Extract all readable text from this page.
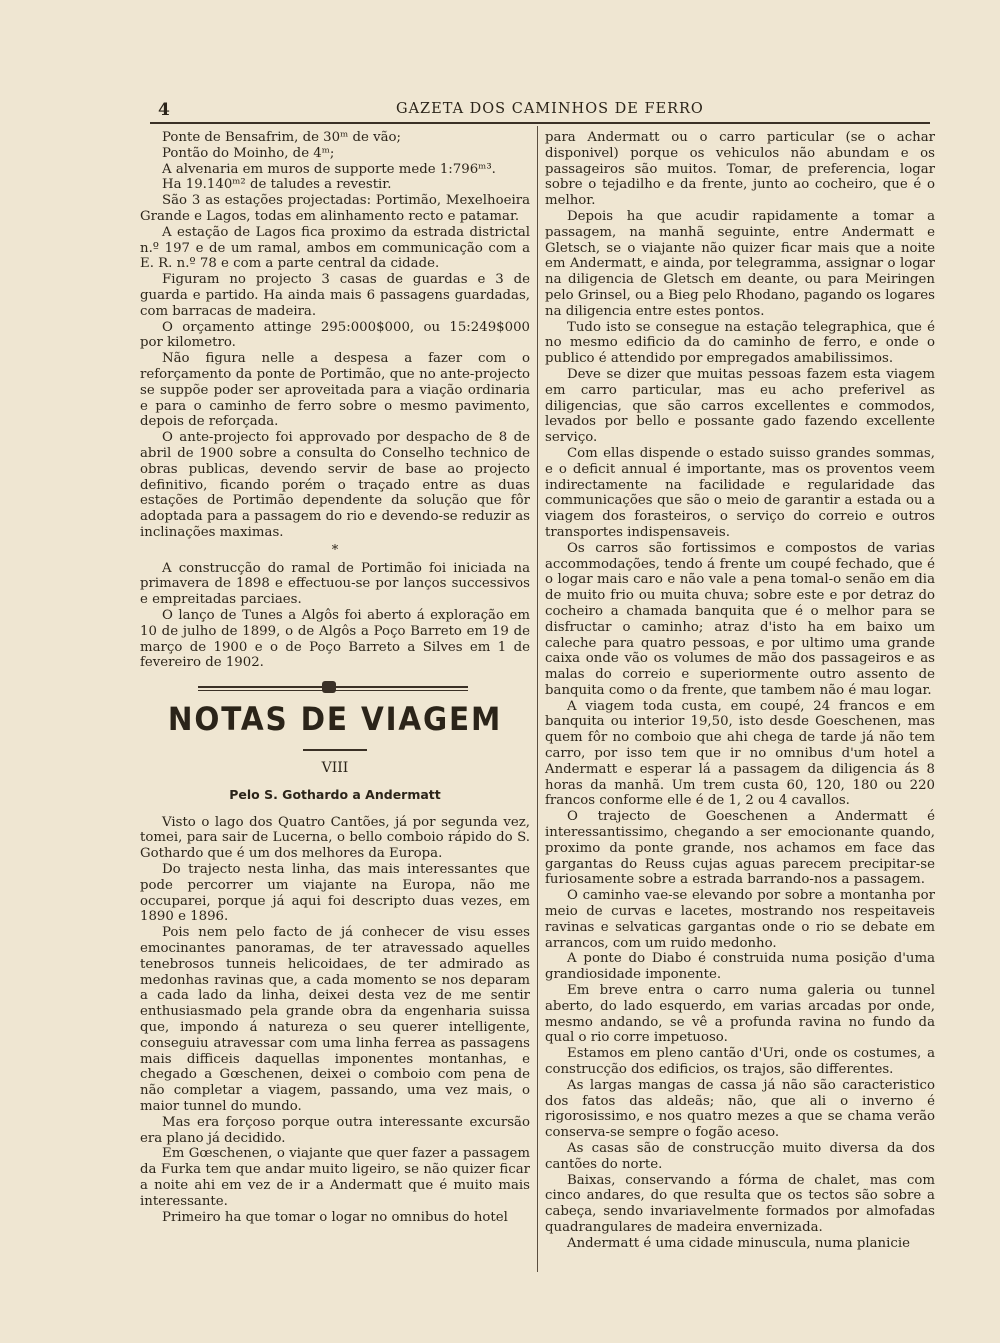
4	GAZETA DOS CAMINHOS DE FERRO

Ponte de Bensafrim, de 30ᵐ de vão;

Pontão do Moinho, de 4ᵐ;

A alvenaria em muros de supporte mede 1:796ᵐ³.

Ha 19.140ᵐ² de taludes a revestir.

São 3 as estações projectadas: Portimão, Mexelhoeira Grande e Lagos, todas em alinhamento recto e patamar.

A estação de Lagos fica proximo da estrada districtal n.º 197 e de um ramal, ambos em communicação com a E. R. n.º 78 e com a parte central da cidade.

Figuram no projecto 3 casas de guardas e 3 de guarda e partido. Ha ainda mais 6 passagens guardadas, com barracas de madeira.

O orçamento attinge 295:000$000, ou 15:249$000 por kilometro.

Não figura nelle a despesa a fazer com o reforçamento da ponte de Portimão, que no ante-projecto se suppõe poder ser aproveitada para a viação ordinaria e para o caminho de ferro sobre o mesmo pavimento, depois de reforçada.

O ante-projecto foi approvado por despacho de 8 de abril de 1900 sobre a consulta do Conselho technico de obras publicas, devendo servir de base ao projecto definitivo, ficando porém o traçado entre as duas estações de Portimão dependente da solução que fôr adoptada para a passagem do rio e devendo-se reduzir as inclinações maximas.

*

A construcção do ramal de Portimão foi iniciada na primavera de 1898 e effectuou-se por lanços successivos e empreitadas parciaes.

O lanço de Tunes a Algôs foi aberto á exploração em 10 de julho de 1899, o de Algôs a Poço Barreto em 19 de março de 1900 e o de Poço Barreto a Silves em 1 de fevereiro de 1902.

NOTAS DE VIAGEM
VIII
Pelo S. Gothardo a Andermatt

Visto o lago dos Quatro Cantões, já por segunda vez, tomei, para sair de Lucerna, o bello comboio rápido do S. Gothardo que é um dos melhores da Europa.

Do trajecto nesta linha, das mais interessantes que pode percorrer um viajante na Europa, não me occuparei, porque já aqui foi descripto duas vezes, em 1890 e 1896.

Pois nem pelo facto de já conhecer de visu esses emocinantes panoramas, de ter atravessado aquelles tenebrosos tunneis helicoidaes, de ter admirado as medonhas ravinas que, a cada momento se nos deparam a cada lado da linha, deixei desta vez de me sentir enthusiasmado pela grande obra da engenharia suissa que, impondo á natureza o seu querer intelligente, conseguiu atravessar com uma linha ferrea as passagens mais difficeis daquellas imponentes montanhas, e chegado a Gœschenen, deixei o comboio com pena de não completar a viagem, passando, uma vez mais, o maior tunnel do mundo.

Mas era forçoso porque outra interessante excursão era plano já decidido.

Em Gœschenen, o viajante que quer fazer a passagem da Furka tem que andar muito ligeiro, se não quizer ficar a noite ahi em vez de ir a Andermatt que é muito mais interessante.

Primeiro ha que tomar o logar no omnibus do hotel

para Andermatt ou o carro particular (se o achar disponivel) porque os vehiculos não abundam e os passageiros são muitos. Tomar, de preferencia, logar sobre o tejadilho e da frente, junto ao cocheiro, que é o melhor.

Depois ha que acudir rapidamente a tomar a passagem, na manhã seguinte, entre Andermatt e Gletsch, se o viajante não quizer ficar mais que a noite em Andermatt, e ainda, por telegramma, assignar o logar na diligencia de Gletsch em deante, ou para Meiringen pelo Grinsel, ou a Bieg pelo Rhodano, pagando os logares na diligencia entre estes pontos.

Tudo isto se consegue na estação telegraphica, que é no mesmo edificio da do caminho de ferro, e onde o publico é attendido por empregados amabilissimos.

Deve se dizer que muitas pessoas fazem esta viagem em carro particular, mas eu acho preferivel as diligencias, que são carros excellentes e commodos, levados por bello e possante gado fazendo excellente serviço.

Com ellas dispende o estado suisso grandes sommas, e o deficit annual é importante, mas os proventos veem indirectamente na facilidade e regularidade das communicações que são o meio de garantir a estada ou a viagem dos forasteiros, o serviço do correio e outros transportes indispensaveis.

Os carros são fortissimos e compostos de varias accommodações, tendo á frente um coupé fechado, que é o logar mais caro e não vale a pena tomal-o senão em dia de muito frio ou muita chuva; sobre este e por detraz do cocheiro a chamada banquita que é o melhor para se disfructar o caminho; atraz d'isto ha em baixo um caleche para quatro pessoas, e por ultimo uma grande caixa onde vão os volumes de mão dos passageiros e as malas do correio e superiormente outro assento de banquita como o da frente, que tambem não é mau logar.

A viagem toda custa, em coupé, 24 francos e em banquita ou interior 19,50, isto desde Goeschenen, mas quem fôr no comboio que ahi chega de tarde já não tem carro, por isso tem que ir no omnibus d'um hotel a Andermatt e esperar lá a passagem da diligencia ás 8 horas da manhã. Um trem custa 60, 120, 180 ou 220 francos conforme elle é de 1, 2 ou 4 cavallos.

O trajecto de Goeschenen a Andermatt é interessantissimo, chegando a ser emocionante quando, proximo da ponte grande, nos achamos em face das gargantas do Reuss cujas aguas parecem precipitar-se furiosamente sobre a estrada barrando-nos a passagem.

O caminho vae-se elevando por sobre a montanha por meio de curvas e lacetes, mostrando nos respeitaveis ravinas e selvaticas gargantas onde o rio se debate em arrancos, com um ruido medonho.

A ponte do Diabo é construida numa posição d'uma grandiosidade imponente.

Em breve entra o carro numa galeria ou tunnel aberto, do lado esquerdo, em varias arcadas por onde, mesmo andando, se vê a profunda ravina no fundo da qual o rio corre impetuoso.

Estamos em pleno cantão d'Uri, onde os costumes, a construcção dos edificios, os trajos, são differentes.

As largas mangas de cassa já não são caracteristico dos fatos das aldeãs; não, que ali o inverno é rigorosissimo, e nos quatro mezes a que se chama verão conserva-se sempre o fogão aceso.

As casas são de construcção muito diversa da dos cantões do norte.

Baixas, conservando a fórma de chalet, mas com cinco andares, do que resulta que os tectos são sobre a cabeça, sendo invariavelmente formados por almofadas quadrangulares de madeira envernizada.

Andermatt é uma cidade minuscula, numa planicie
